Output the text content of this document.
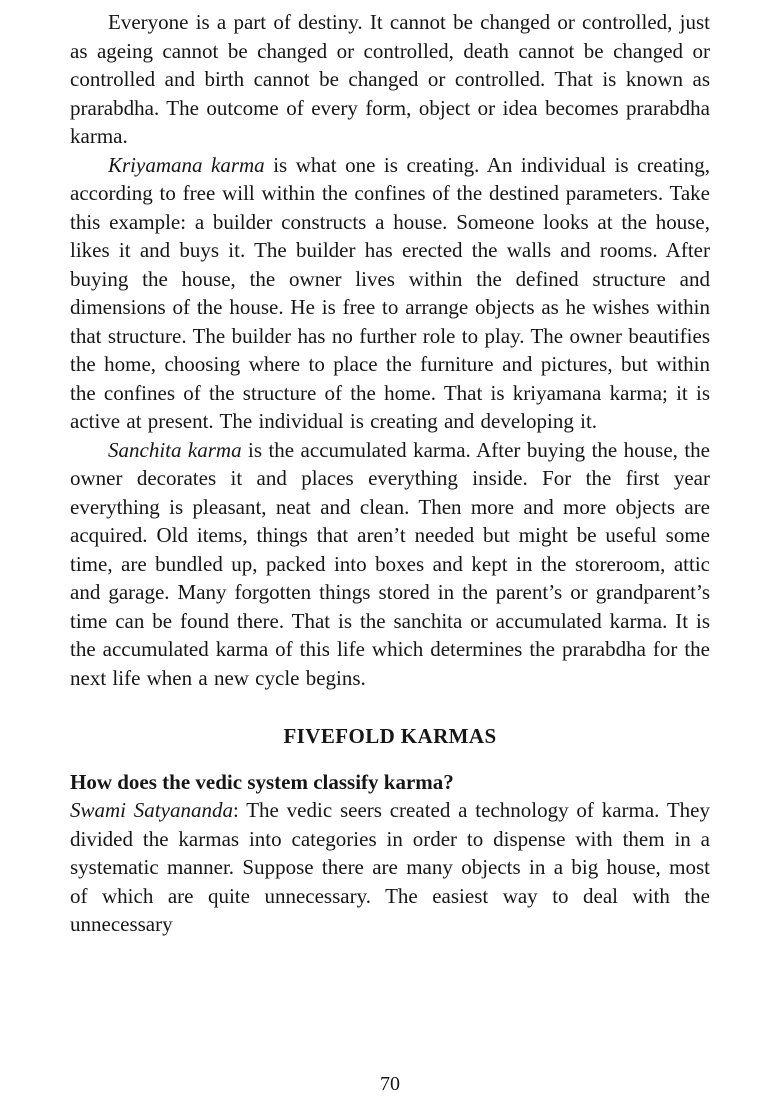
Everyone is a part of destiny. It cannot be changed or controlled, just as ageing cannot be changed or controlled, death cannot be changed or controlled and birth cannot be changed or controlled. That is known as prarabdha. The outcome of every form, object or idea becomes prarabdha karma.

Kriyamana karma is what one is creating. An individual is creating, according to free will within the confines of the destined parameters. Take this example: a builder constructs a house. Someone looks at the house, likes it and buys it. The builder has erected the walls and rooms. After buying the house, the owner lives within the defined structure and dimensions of the house. He is free to arrange objects as he wishes within that structure. The builder has no further role to play. The owner beautifies the home, choosing where to place the furniture and pictures, but within the confines of the structure of the home. That is kriyamana karma; it is active at present. The individual is creating and developing it.

Sanchita karma is the accumulated karma. After buying the house, the owner decorates it and places everything inside. For the first year everything is pleasant, neat and clean. Then more and more objects are acquired. Old items, things that aren’t needed but might be useful some time, are bundled up, packed into boxes and kept in the storeroom, attic and garage. Many forgotten things stored in the parent’s or grandparent’s time can be found there. That is the sanchita or accumulated karma. It is the accumulated karma of this life which determines the prarabdha for the next life when a new cycle begins.

FIVEFOLD KARMAS
How does the vedic system classify karma?

Swami Satyananda: The vedic seers created a technology of karma. They divided the karmas into categories in order to dispense with them in a systematic manner. Suppose there are many objects in a big house, most of which are quite unnecessary. The easiest way to deal with the unnecessary

70
